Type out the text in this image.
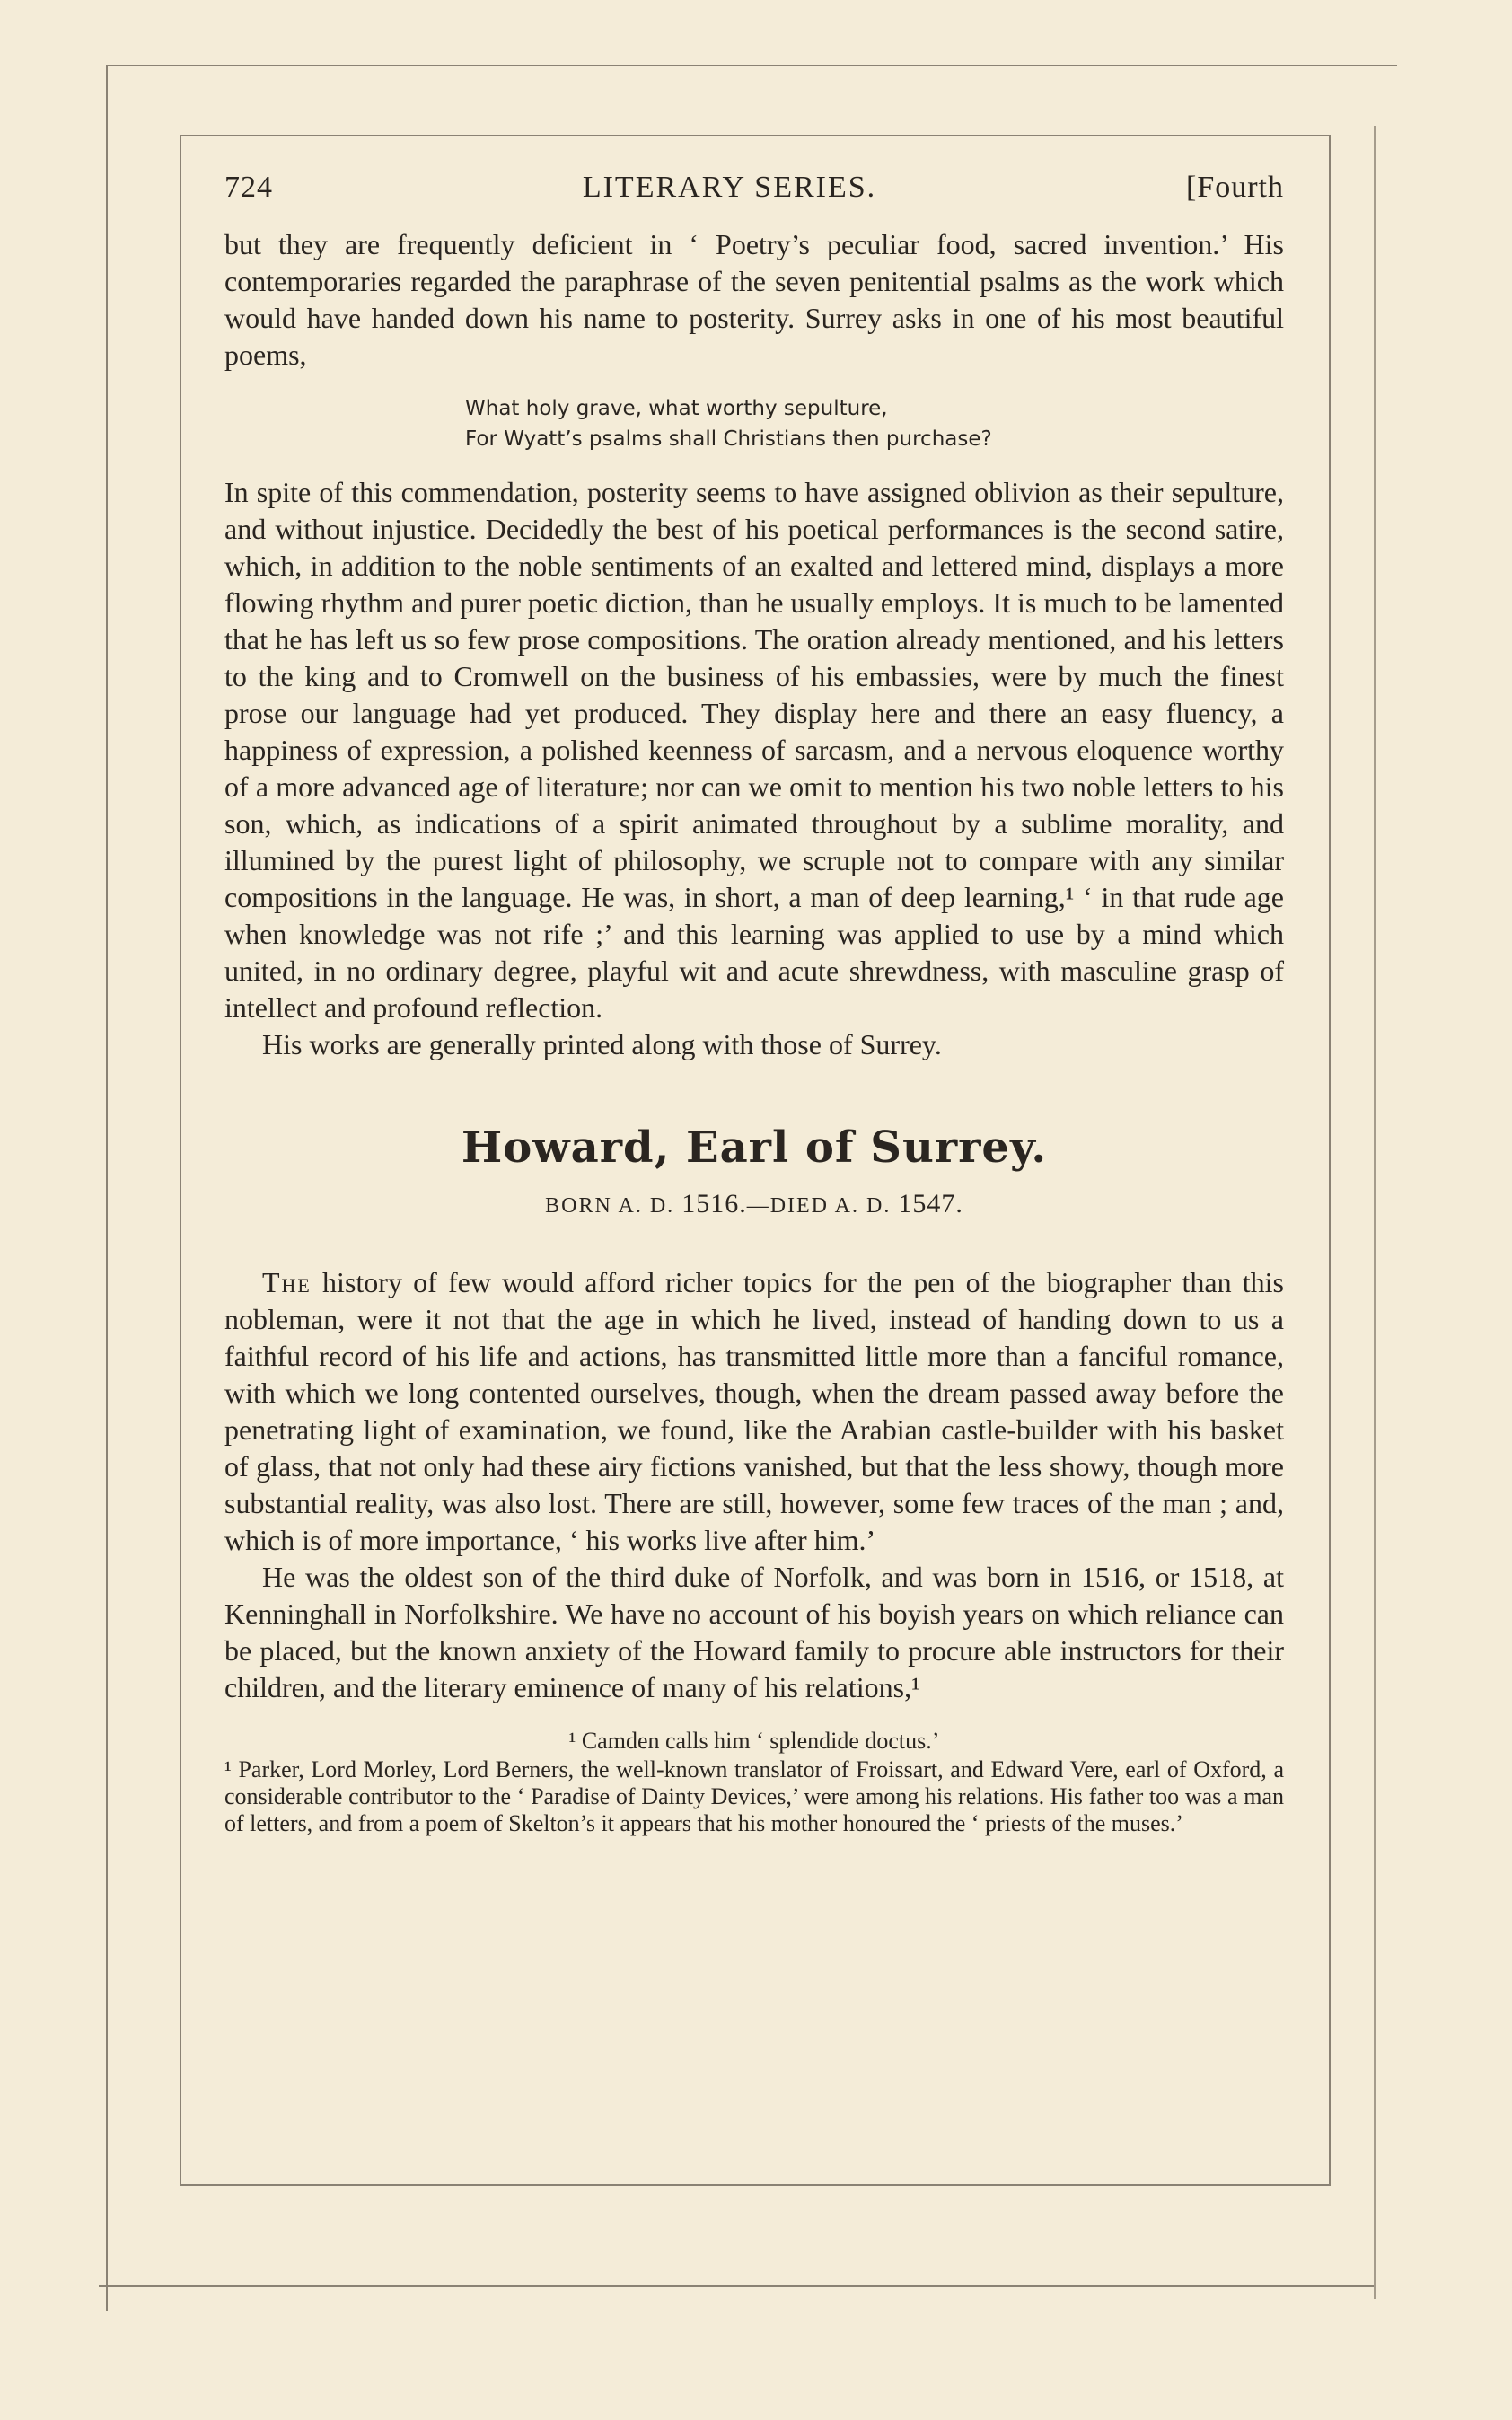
724	LITERARY SERIES.	[Fourth

but they are frequently deficient in ‘ Poetry’s peculiar food, sacred invention.’ His contemporaries regarded the paraphrase of the seven penitential psalms as the work which would have handed down his name to posterity. Surrey asks in one of his most beautiful poems,

What holy grave, what worthy sepulture,
For Wyatt’s psalms shall Christians then purchase?

In spite of this commendation, posterity seems to have assigned oblivion as their sepulture, and without injustice. Decidedly the best of his poetical performances is the second satire, which, in addition to the noble sentiments of an exalted and lettered mind, displays a more flowing rhythm and purer poetic diction, than he usually employs. It is much to be lamented that he has left us so few prose compositions. The oration already mentioned, and his letters to the king and to Cromwell on the business of his embassies, were by much the finest prose our language had yet produced. They display here and there an easy fluency, a happiness of expression, a polished keenness of sarcasm, and a nervous eloquence worthy of a more advanced age of literature; nor can we omit to mention his two noble letters to his son, which, as indications of a spirit animated throughout by a sublime morality, and illumined by the purest light of philosophy, we scruple not to compare with any similar compositions in the language. He was, in short, a man of deep learning,¹ ‘ in that rude age when knowledge was not rife ;’ and this learning was applied to use by a mind which united, in no ordinary degree, playful wit and acute shrewdness, with masculine grasp of intellect and profound reflection.

His works are generally printed along with those of Surrey.

Howard, Earl of Surrey.
BORN A. D. 1516.—DIED A. D. 1547.

The history of few would afford richer topics for the pen of the biographer than this nobleman, were it not that the age in which he lived, instead of handing down to us a faithful record of his life and actions, has transmitted little more than a fanciful romance, with which we long contented ourselves, though, when the dream passed away before the penetrating light of examination, we found, like the Arabian castle-builder with his basket of glass, that not only had these airy fictions vanished, but that the less showy, though more substantial reality, was also lost. There are still, however, some few traces of the man ; and, which is of more importance, ‘ his works live after him.’

He was the oldest son of the third duke of Norfolk, and was born in 1516, or 1518, at Kenninghall in Norfolkshire. We have no account of his boyish years on which reliance can be placed, but the known anxiety of the Howard family to procure able instructors for their children, and the literary eminence of many of his relations,¹

¹ Camden calls him ‘ splendide doctus.’
¹ Parker, Lord Morley, Lord Berners, the well-known translator of Froissart, and Edward Vere, earl of Oxford, a considerable contributor to the ‘ Paradise of Dainty Devices,’ were among his relations. His father too was a man of letters, and from a poem of Skelton’s it appears that his mother honoured the ‘ priests of the muses.’
